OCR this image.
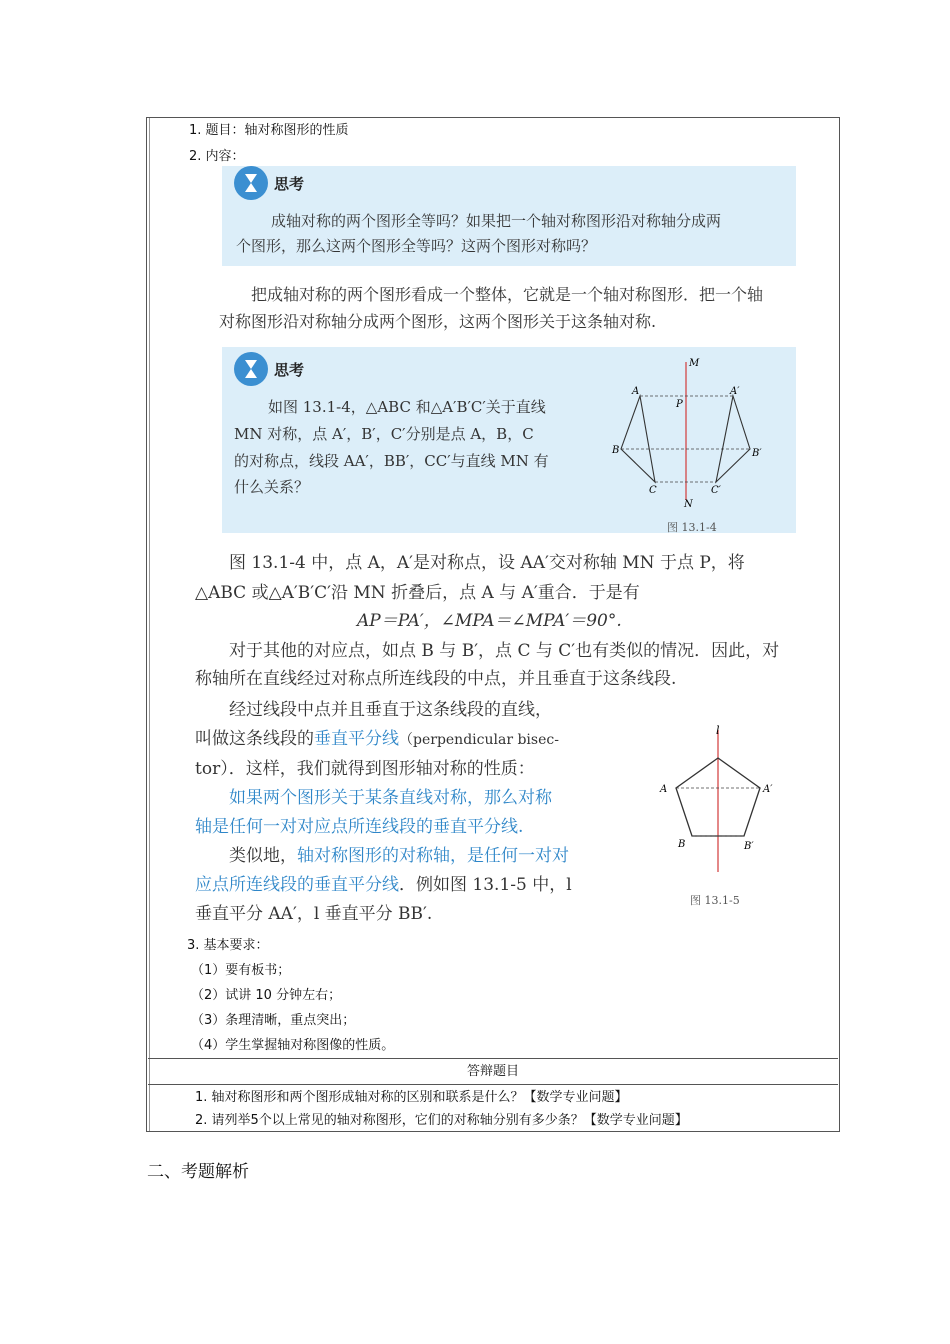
1. 题目：轴对称图形的性质
2. 内容：
思考
成轴对称的两个图形全等吗？如果把一个轴对称图形沿对称轴分成两
个图形，那么这两个图形全等吗？这两个图形对称吗？
把成轴对称的两个图形看成一个整体，它就是一个轴对称图形．把一个轴
对称图形沿对称轴分成两个图形，这两个图形关于这条轴对称.
思考
如图 13.1-4，△ABC 和△A′B′C′关于直线
MN 对称，点 A′，B′，C′分别是点 A，B，C
的对称点，线段 AA′，BB′，CC′与直线 MN 有
什么关系？
M
N
P
A	A′
B	B′
C	C′
图 13.1-4
图 13.1-4 中，点 A，A′是对称点，设 AA′交对称轴 MN 于点 P，将
△ABC 或△A′B′C′沿 MN 折叠后，点 A 与 A′重合．于是有
AP＝PA′，∠MPA＝∠MPA′＝90°.
对于其他的对应点，如点 B 与 B′，点 C 与 C′也有类似的情况．因此，对
称轴所在直线经过对称点所连线段的中点，并且垂直于这条线段.
经过线段中点并且垂直于这条线段的直线，
叫做这条线段的垂直平分线（perpendicular bisec-
tor）．这样，我们就得到图形轴对称的性质：
如果两个图形关于某条直线对称，那么对称
轴是任何一对对应点所连线段的垂直平分线.
类似地，轴对称图形的对称轴，是任何一对对
应点所连线段的垂直平分线．例如图 13.1-5 中，l
垂直平分 AA′，l 垂直平分 BB′.
l
A	A′
B	B′
图 13.1-5
3. 基本要求：
（1）要有板书；
（2）试讲 10 分钟左右；
（3）条理清晰，重点突出；
（4）学生掌握轴对称图像的性质。
答辩题目
1. 轴对称图形和两个图形成轴对称的区别和联系是什么？【数学专业问题】
2. 请列举5个以上常见的轴对称图形，它们的对称轴分别有多少条？【数学专业问题】
二、考题解析
